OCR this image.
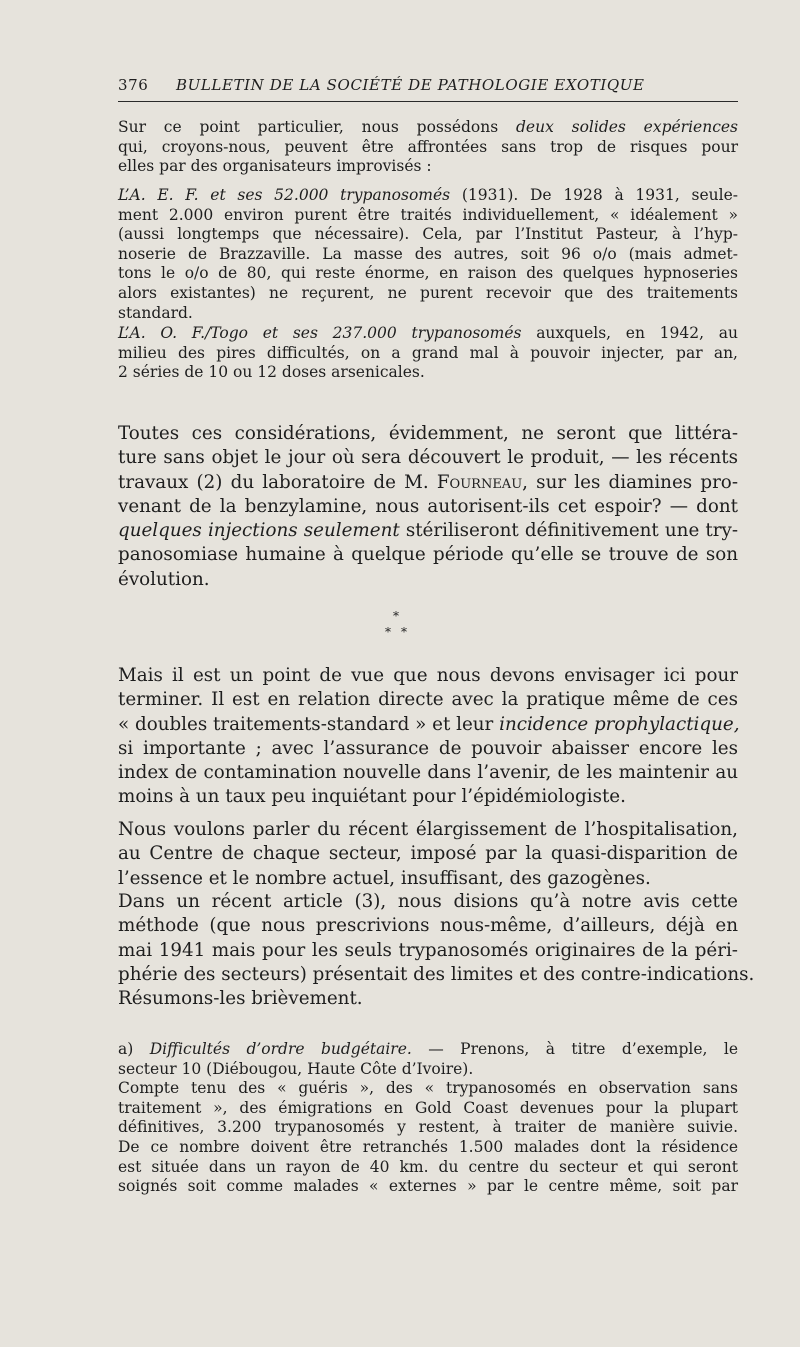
376 BULLETIN DE LA SOCIÉTÉ DE PATHOLOGIE EXOTIQUE
Sur ce point particulier, nous possédons deux solides expériences
qui, croyons-nous, peuvent être affrontées sans trop de risques pour
elles par des organisateurs improvisés :
L’A. E. F. et ses 52.000 trypanosomés (1931). De 1928 à 1931, seule-
ment 2.000 environ purent être traités individuellement, « idéalement »
(aussi longtemps que nécessaire). Cela, par l’Institut Pasteur, à l’hyp-
noserie de Brazzaville. La masse des autres, soit 96 o/o (mais admet-
tons le o/o de 80, qui reste énorme, en raison des quelques hypnoseries
alors existantes) ne reçurent, ne purent recevoir que des traitements
standard.
L’A. O. F./Togo et ses 237.000 trypanosomés auxquels, en 1942, au
milieu des pires difficultés, on a grand mal à pouvoir injecter, par an,
2 séries de 10 ou 12 doses arsenicales.
Toutes ces considérations, évidemment, ne seront que littéra-
ture sans objet le jour où sera découvert le produit, — les récents
travaux (2) du laboratoire de M. Fourneau, sur les diamines pro-
venant de la benzylamine, nous autorisent-ils cet espoir? — dont
quelques injections seulement stériliseront définitivement une try-
panosomiase humaine à quelque période qu’elle se trouve de son
évolution.
*
* *
Mais il est un point de vue que nous devons envisager ici pour
terminer. Il est en relation directe avec la pratique même de ces
« doubles traitements-standard » et leur incidence prophylactique,
si importante ; avec l’assurance de pouvoir abaisser encore les
index de contamination nouvelle dans l’avenir, de les maintenir au
moins à un taux peu inquiétant pour l’épidémiologiste.
Nous voulons parler du récent élargissement de l’hospitalisation,
au Centre de chaque secteur, imposé par la quasi-disparition de
l’essence et le nombre actuel, insuffisant, des gazogènes.
Dans un récent article (3), nous disions qu’à notre avis cette
méthode (que nous prescrivions nous-même, d’ailleurs, déjà en
mai 1941 mais pour les seuls trypanosomés originaires de la péri-
phérie des secteurs) présentait des limites et des contre-indications.
Résumons-les brièvement.
a) Difficultés d’ordre budgétaire. — Prenons, à titre d’exemple, le
secteur 10 (Diébougou, Haute Côte d’Ivoire).
Compte tenu des « guéris », des « trypanosomés en observation sans
traitement », des émigrations en Gold Coast devenues pour la plupart
définitives, 3.200 trypanosomés y restent, à traiter de manière suivie.
De ce nombre doivent être retranchés 1.500 malades dont la résidence
est située dans un rayon de 40 km. du centre du secteur et qui seront
soignés soit comme malades « externes » par le centre même, soit par
